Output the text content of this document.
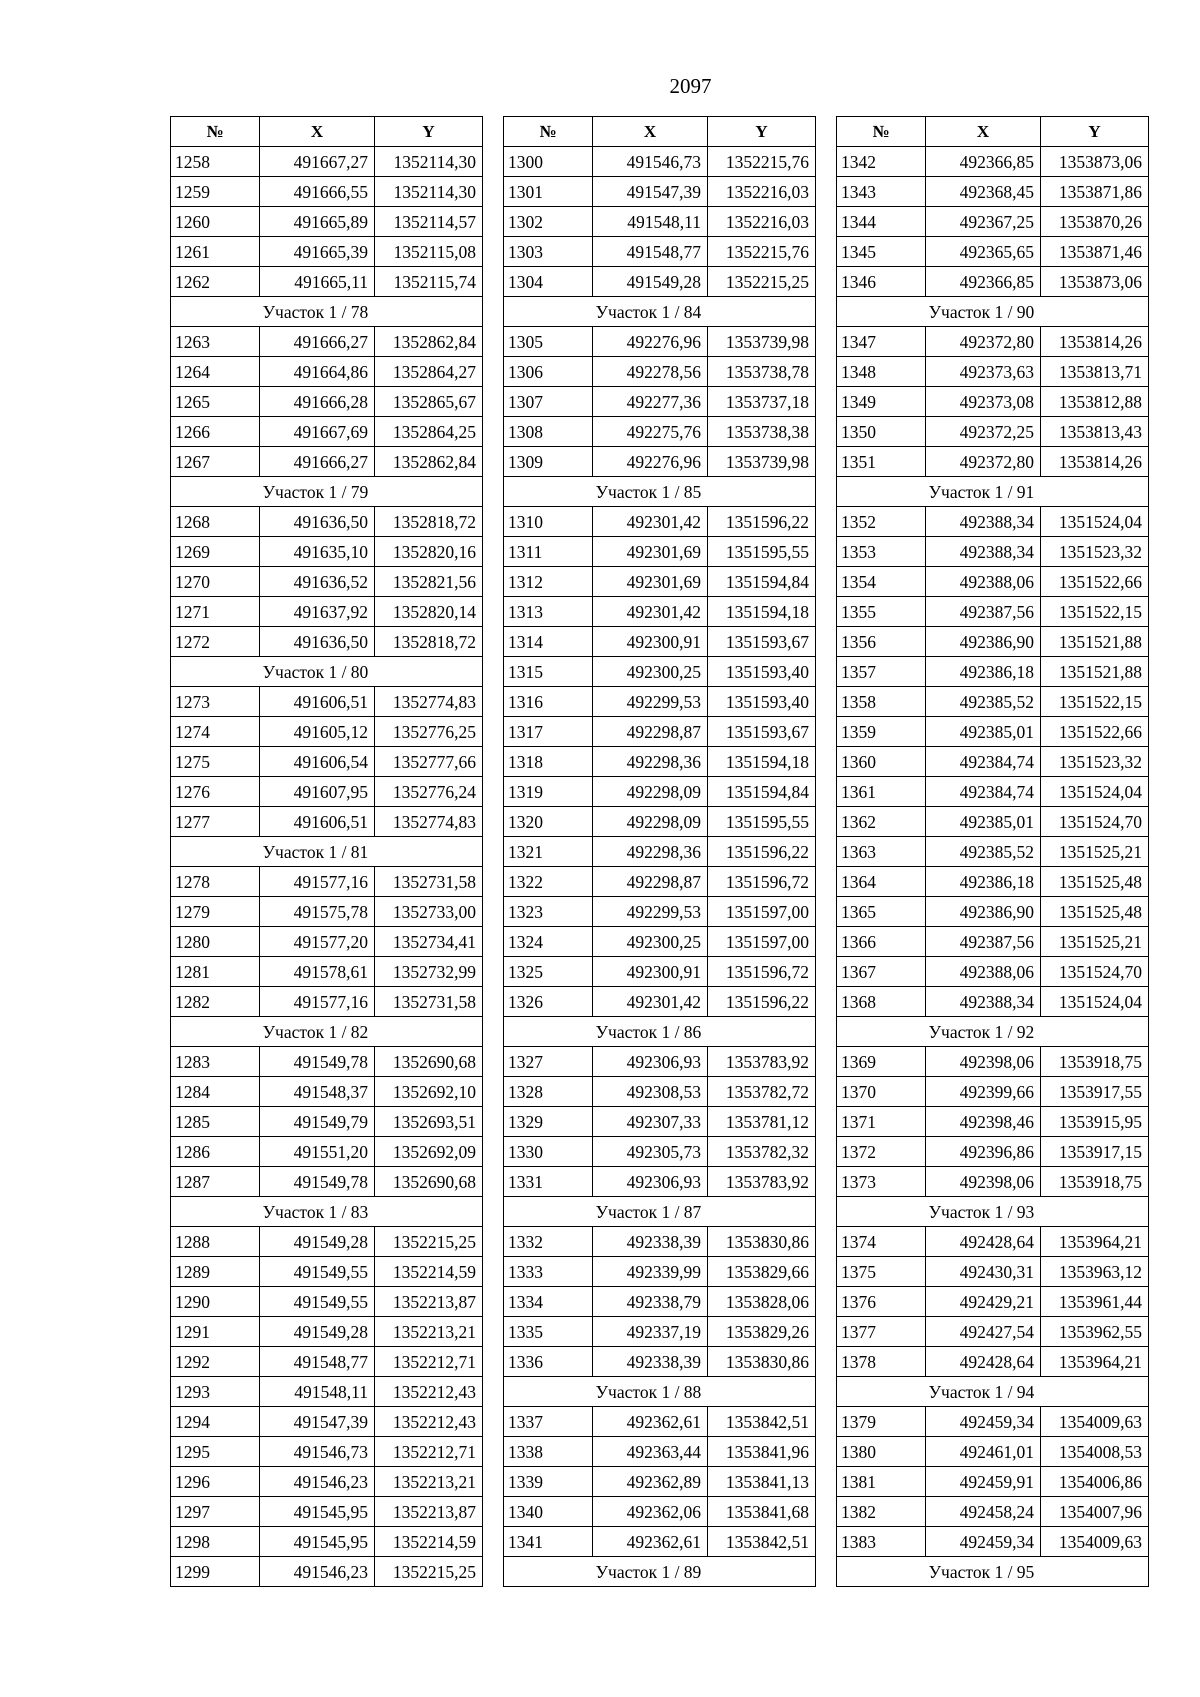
2097
№	X	Y
1258	491667,27	1352114,30
1259	491666,55	1352114,30
1260	491665,89	1352114,57
1261	491665,39	1352115,08
1262	491665,11	1352115,74
Участок 1 / 78		
1263	491666,27	1352862,84
1264	491664,86	1352864,27
1265	491666,28	1352865,67
1266	491667,69	1352864,25
1267	491666,27	1352862,84
Участок 1 / 79		
1268	491636,50	1352818,72
1269	491635,10	1352820,16
1270	491636,52	1352821,56
1271	491637,92	1352820,14
1272	491636,50	1352818,72
Участок 1 / 80		
1273	491606,51	1352774,83
1274	491605,12	1352776,25
1275	491606,54	1352777,66
1276	491607,95	1352776,24
1277	491606,51	1352774,83
Участок 1 / 81		
1278	491577,16	1352731,58
1279	491575,78	1352733,00
1280	491577,20	1352734,41
1281	491578,61	1352732,99
1282	491577,16	1352731,58
Участок 1 / 82		
1283	491549,78	1352690,68
1284	491548,37	1352692,10
1285	491549,79	1352693,51
1286	491551,20	1352692,09
1287	491549,78	1352690,68
Участок 1 / 83		
1288	491549,28	1352215,25
1289	491549,55	1352214,59
1290	491549,55	1352213,87
1291	491549,28	1352213,21
1292	491548,77	1352212,71
1293	491548,11	1352212,43
1294	491547,39	1352212,43
1295	491546,73	1352212,71
1296	491546,23	1352213,21
1297	491545,95	1352213,87
1298	491545,95	1352214,59
1299	491546,23	1352215,25
№	X	Y
1300	491546,73	1352215,76
1301	491547,39	1352216,03
1302	491548,11	1352216,03
1303	491548,77	1352215,76
1304	491549,28	1352215,25
Участок 1 / 84		
1305	492276,96	1353739,98
1306	492278,56	1353738,78
1307	492277,36	1353737,18
1308	492275,76	1353738,38
1309	492276,96	1353739,98
Участок 1 / 85		
1310	492301,42	1351596,22
1311	492301,69	1351595,55
1312	492301,69	1351594,84
1313	492301,42	1351594,18
1314	492300,91	1351593,67
1315	492300,25	1351593,40
1316	492299,53	1351593,40
1317	492298,87	1351593,67
1318	492298,36	1351594,18
1319	492298,09	1351594,84
1320	492298,09	1351595,55
1321	492298,36	1351596,22
1322	492298,87	1351596,72
1323	492299,53	1351597,00
1324	492300,25	1351597,00
1325	492300,91	1351596,72
1326	492301,42	1351596,22
Участок 1 / 86		
1327	492306,93	1353783,92
1328	492308,53	1353782,72
1329	492307,33	1353781,12
1330	492305,73	1353782,32
1331	492306,93	1353783,92
Участок 1 / 87		
1332	492338,39	1353830,86
1333	492339,99	1353829,66
1334	492338,79	1353828,06
1335	492337,19	1353829,26
1336	492338,39	1353830,86
Участок 1 / 88		
1337	492362,61	1353842,51
1338	492363,44	1353841,96
1339	492362,89	1353841,13
1340	492362,06	1353841,68
1341	492362,61	1353842,51
Участок 1 / 89		
№	X	Y
1342	492366,85	1353873,06
1343	492368,45	1353871,86
1344	492367,25	1353870,26
1345	492365,65	1353871,46
1346	492366,85	1353873,06
Участок 1 / 90		
1347	492372,80	1353814,26
1348	492373,63	1353813,71
1349	492373,08	1353812,88
1350	492372,25	1353813,43
1351	492372,80	1353814,26
Участок 1 / 91		
1352	492388,34	1351524,04
1353	492388,34	1351523,32
1354	492388,06	1351522,66
1355	492387,56	1351522,15
1356	492386,90	1351521,88
1357	492386,18	1351521,88
1358	492385,52	1351522,15
1359	492385,01	1351522,66
1360	492384,74	1351523,32
1361	492384,74	1351524,04
1362	492385,01	1351524,70
1363	492385,52	1351525,21
1364	492386,18	1351525,48
1365	492386,90	1351525,48
1366	492387,56	1351525,21
1367	492388,06	1351524,70
1368	492388,34	1351524,04
Участок 1 / 92		
1369	492398,06	1353918,75
1370	492399,66	1353917,55
1371	492398,46	1353915,95
1372	492396,86	1353917,15
1373	492398,06	1353918,75
Участок 1 / 93		
1374	492428,64	1353964,21
1375	492430,31	1353963,12
1376	492429,21	1353961,44
1377	492427,54	1353962,55
1378	492428,64	1353964,21
Участок 1 / 94		
1379	492459,34	1354009,63
1380	492461,01	1354008,53
1381	492459,91	1354006,86
1382	492458,24	1354007,96
1383	492459,34	1354009,63
Участок 1 / 95		
